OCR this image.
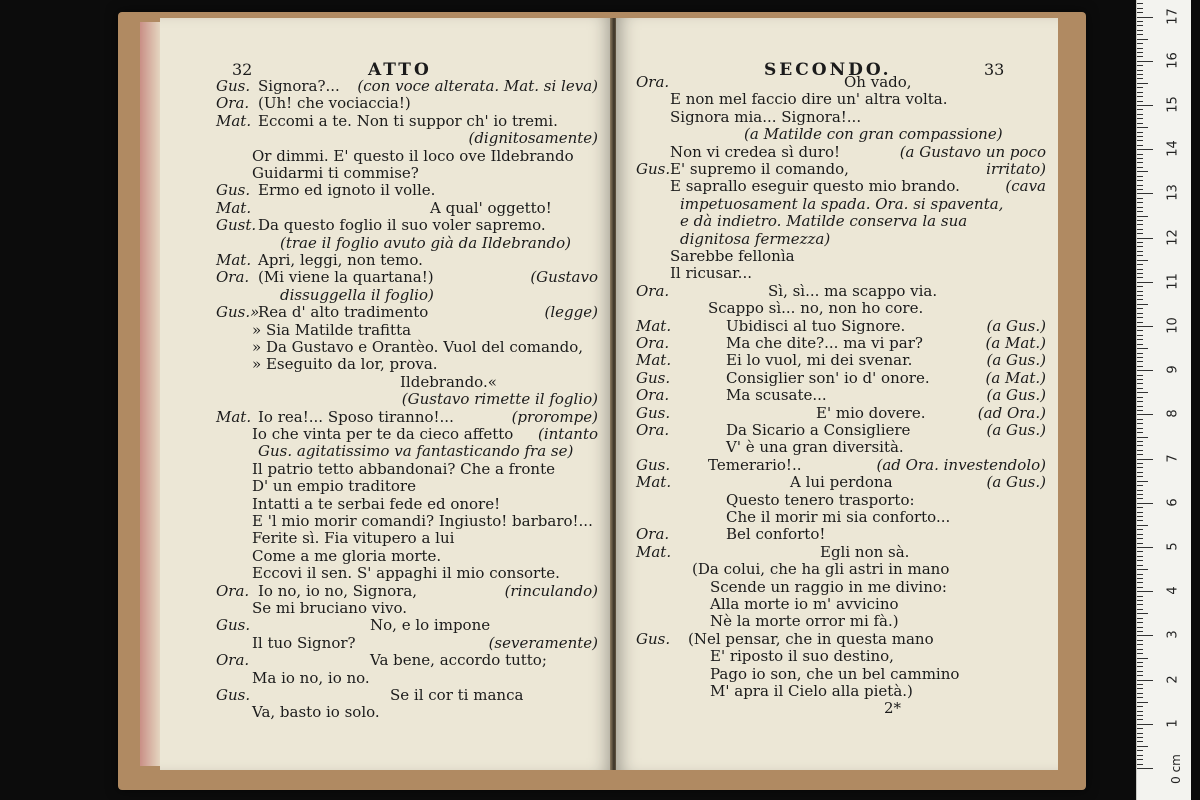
32	ATTO
Gus. Signora?... (con voce alterata. Mat. si leva)
Ora. (Uh! che vociaccia!)
Mat. Eccomi a te. Non ti suppor ch' io tremi.
(dignitosamente)
Or dimmi. E' questo il loco ove Ildebrando
Guidarmi ti commise?
Gus. Ermo ed ignoto il volle.
Mat.	A qual' oggetto!
Gust. Da questo foglio il suo voler sapremo.
(trae il foglio avuto già da Ildebrando)
Mat. Apri, leggi, non temo.
Ora. (Mi viene la quartana!)	(Gustavo
dissuggella il foglio)
Gus.»
Rea d' alto tradimento	(legge)
» Sia Matilde trafitta
» Da Gustavo e Orantèo. Vuol del comando,
» Eseguito da lor, prova.
Ildebrando.«
(Gustavo rimette il foglio)
Mat. Io rea!... Sposo tiranno!...	(prorompe)
Io che vinta per te da cieco affetto (intanto
Gus. agitatissimo va fantasticando fra se)
Il patrio tetto abbandonai? Che a fronte
D' un empio traditore
Intatti a te serbai fede ed onore!
E 'l mio morir comandi? Ingiusto! barbaro!...
Ferite sì. Fia vitupero a lui
Come a me gloria morte.
Eccovi il sen. S' appaghi il mio consorte.
Ora. Io no, io no, Signora,	(rinculando)
Se mi bruciano vivo.
Gus.	No, e lo impone
Il tuo Signor?	(severamente)
Ora.	Va bene, accordo tutto;
Ma io no, io no.
Gus.	Se il cor ti manca
Va, basto io solo.
SECONDO.	33
Ora.	Oh vado,
E non mel faccio dire un' altra volta.
Signora mia... Signora!...
(a Matilde con gran compassione)
Non vi credea sì duro!	(a Gustavo un poco
Gus. E' supremo il comando,	irritato)
E saprallo eseguir questo mio brando.	(cava
impetuosament la spada. Ora. si spaventa,
e dà indietro. Matilde conserva la sua
dignitosa fermezza)
Sarebbe fellonìa
Il ricusar...
Ora.	Sì, sì... ma scappo via.
Scappo sì... no, non ho core.
Mat.	Ubidisci al tuo Signore.	(a Gus.)
Ora.	Ma che dite?... ma vi par?	(a Mat.)
Mat.	Ei lo vuol, mi dei svenar.	(a Gus.)
Gus.	Consiglier son' io d' onore.	(a Mat.)
Ora.	Ma scusate...	(a Gus.)
Gus.	E' mio dovere.	(ad Ora.)
Ora.	Da Sicario a Consigliere	(a Gus.)
V' è una gran diversità.
Gus.	Temerario!..	(ad Ora. investendolo)
Mat.	A lui perdona	(a Gus.)
Questo tenero trasporto:
Che il morir mi sia conforto...
Ora.	Bel conforto!
Mat.	Egli non sà.
(Da colui, che ha gli astri in mano
Scende un raggio in me divino:
Alla morte io m' avvicino
Nè la morte orror mi fà.)
Gus. (Nel pensar, che in questa mano
E' riposto il suo destino,
Pago io son, che un bel cammino
M' apra il Cielo alla pietà.)
2*
1
2
3
4
5
6
7
8
9
10
11
12
13
14
15
16
17
0 cm
